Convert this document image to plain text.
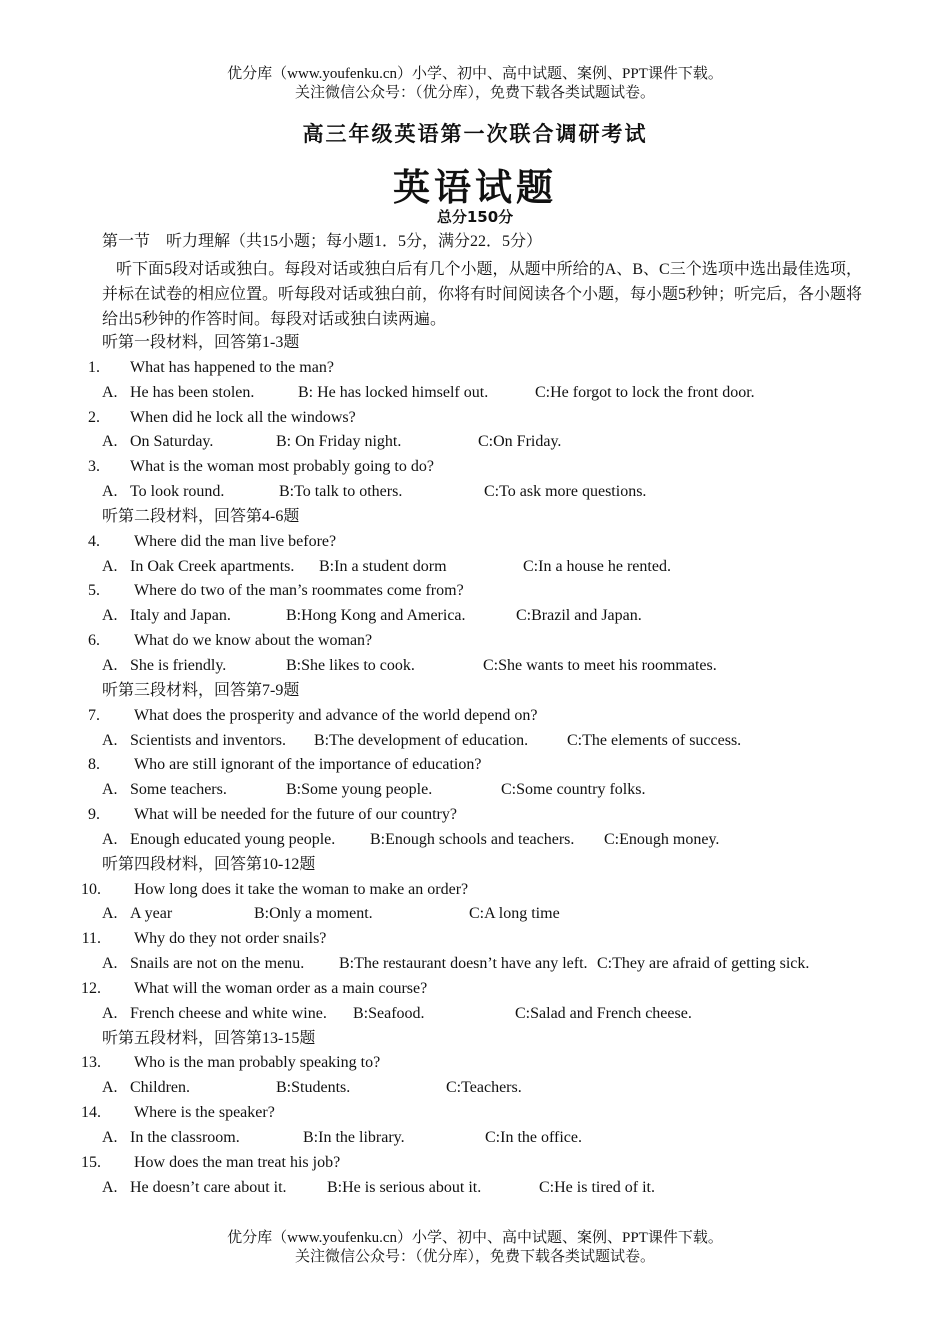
优分库（www.youfenku.cn）小学、初中、高中试题、案例、PPT课件下载。
关注微信公众号：（优分库），免费下载各类试题试卷。
高三年级英语第一次联合调研考试
英语试题
总分150分
第一节　听力理解（共15小题；每小题1．5分，满分22．5分）
听下面5段对话或独白。每段对话或独白后有几个小题，从题中所给的A、B、C三个选项中选出最佳选项，并标在试卷的相应位置。听每段对话或独白前，你将有时间阅读各个小题，每小题5秒钟；听完后，各小题将给出5秒钟的作答时间。每段对话或独白读两遍。
听第一段材料，回答第1-3题
1. What has happened to the man?
A. He has been stolen.	B: He has locked himself out.	C:He forgot to lock the front door.
2. When did he lock all the windows?
A. On Saturday.	B: On Friday night.	C:On Friday.
3. What is the woman most probably going to do?
A. To look round.	B:To talk to others.	C:To ask more questions.
听第二段材料，回答第4-6题
4. Where did the man live before?
A. In Oak Creek apartments. B:In a student dorm	C:In a house he rented.
5. Where do two of the man’s roommates come from?
A. Italy and Japan.	B:Hong Kong and America.	C:Brazil and Japan.
6. What do we know about the woman?
A. She is friendly.	B:She likes to cook.	C:She wants to meet his roommates.
听第三段材料，回答第7-9题
7. What does the prosperity and advance of the world depend on?
A. Scientists and inventors. B:The development of education. C:The elements of success.
8. Who are still ignorant of the importance of education?
A. Some teachers.	B:Some young people.	C:Some country folks.
9. What will be needed for the future of our country?
A. Enough educated young people. B:Enough schools and teachers. C:Enough money.
听第四段材料，回答第10-12题
10. How long does it take the woman to make an order?
A. A year	B:Only a moment.	C:A long time
11. Why do they not order snails?
A. Snails are not on the menu. B:The restaurant doesn’t have any left. C:They are afraid of getting sick.
12. What will the woman order as a main course?
A. French cheese and white wine. B:Seafood.	C:Salad and French cheese.
听第五段材料，回答第13-15题
13. Who is the man probably speaking to?
A. Children.	B:Students.	C:Teachers.
14. Where is the speaker?
A. In the classroom.	B:In the library.	C:In the office.
15. How does the man treat his job?
A. He doesn’t care about it.	B:He is serious about it.	C:He is tired of it.
优分库（www.youfenku.cn）小学、初中、高中试题、案例、PPT课件下载。
关注微信公众号：（优分库），免费下载各类试题试卷。
